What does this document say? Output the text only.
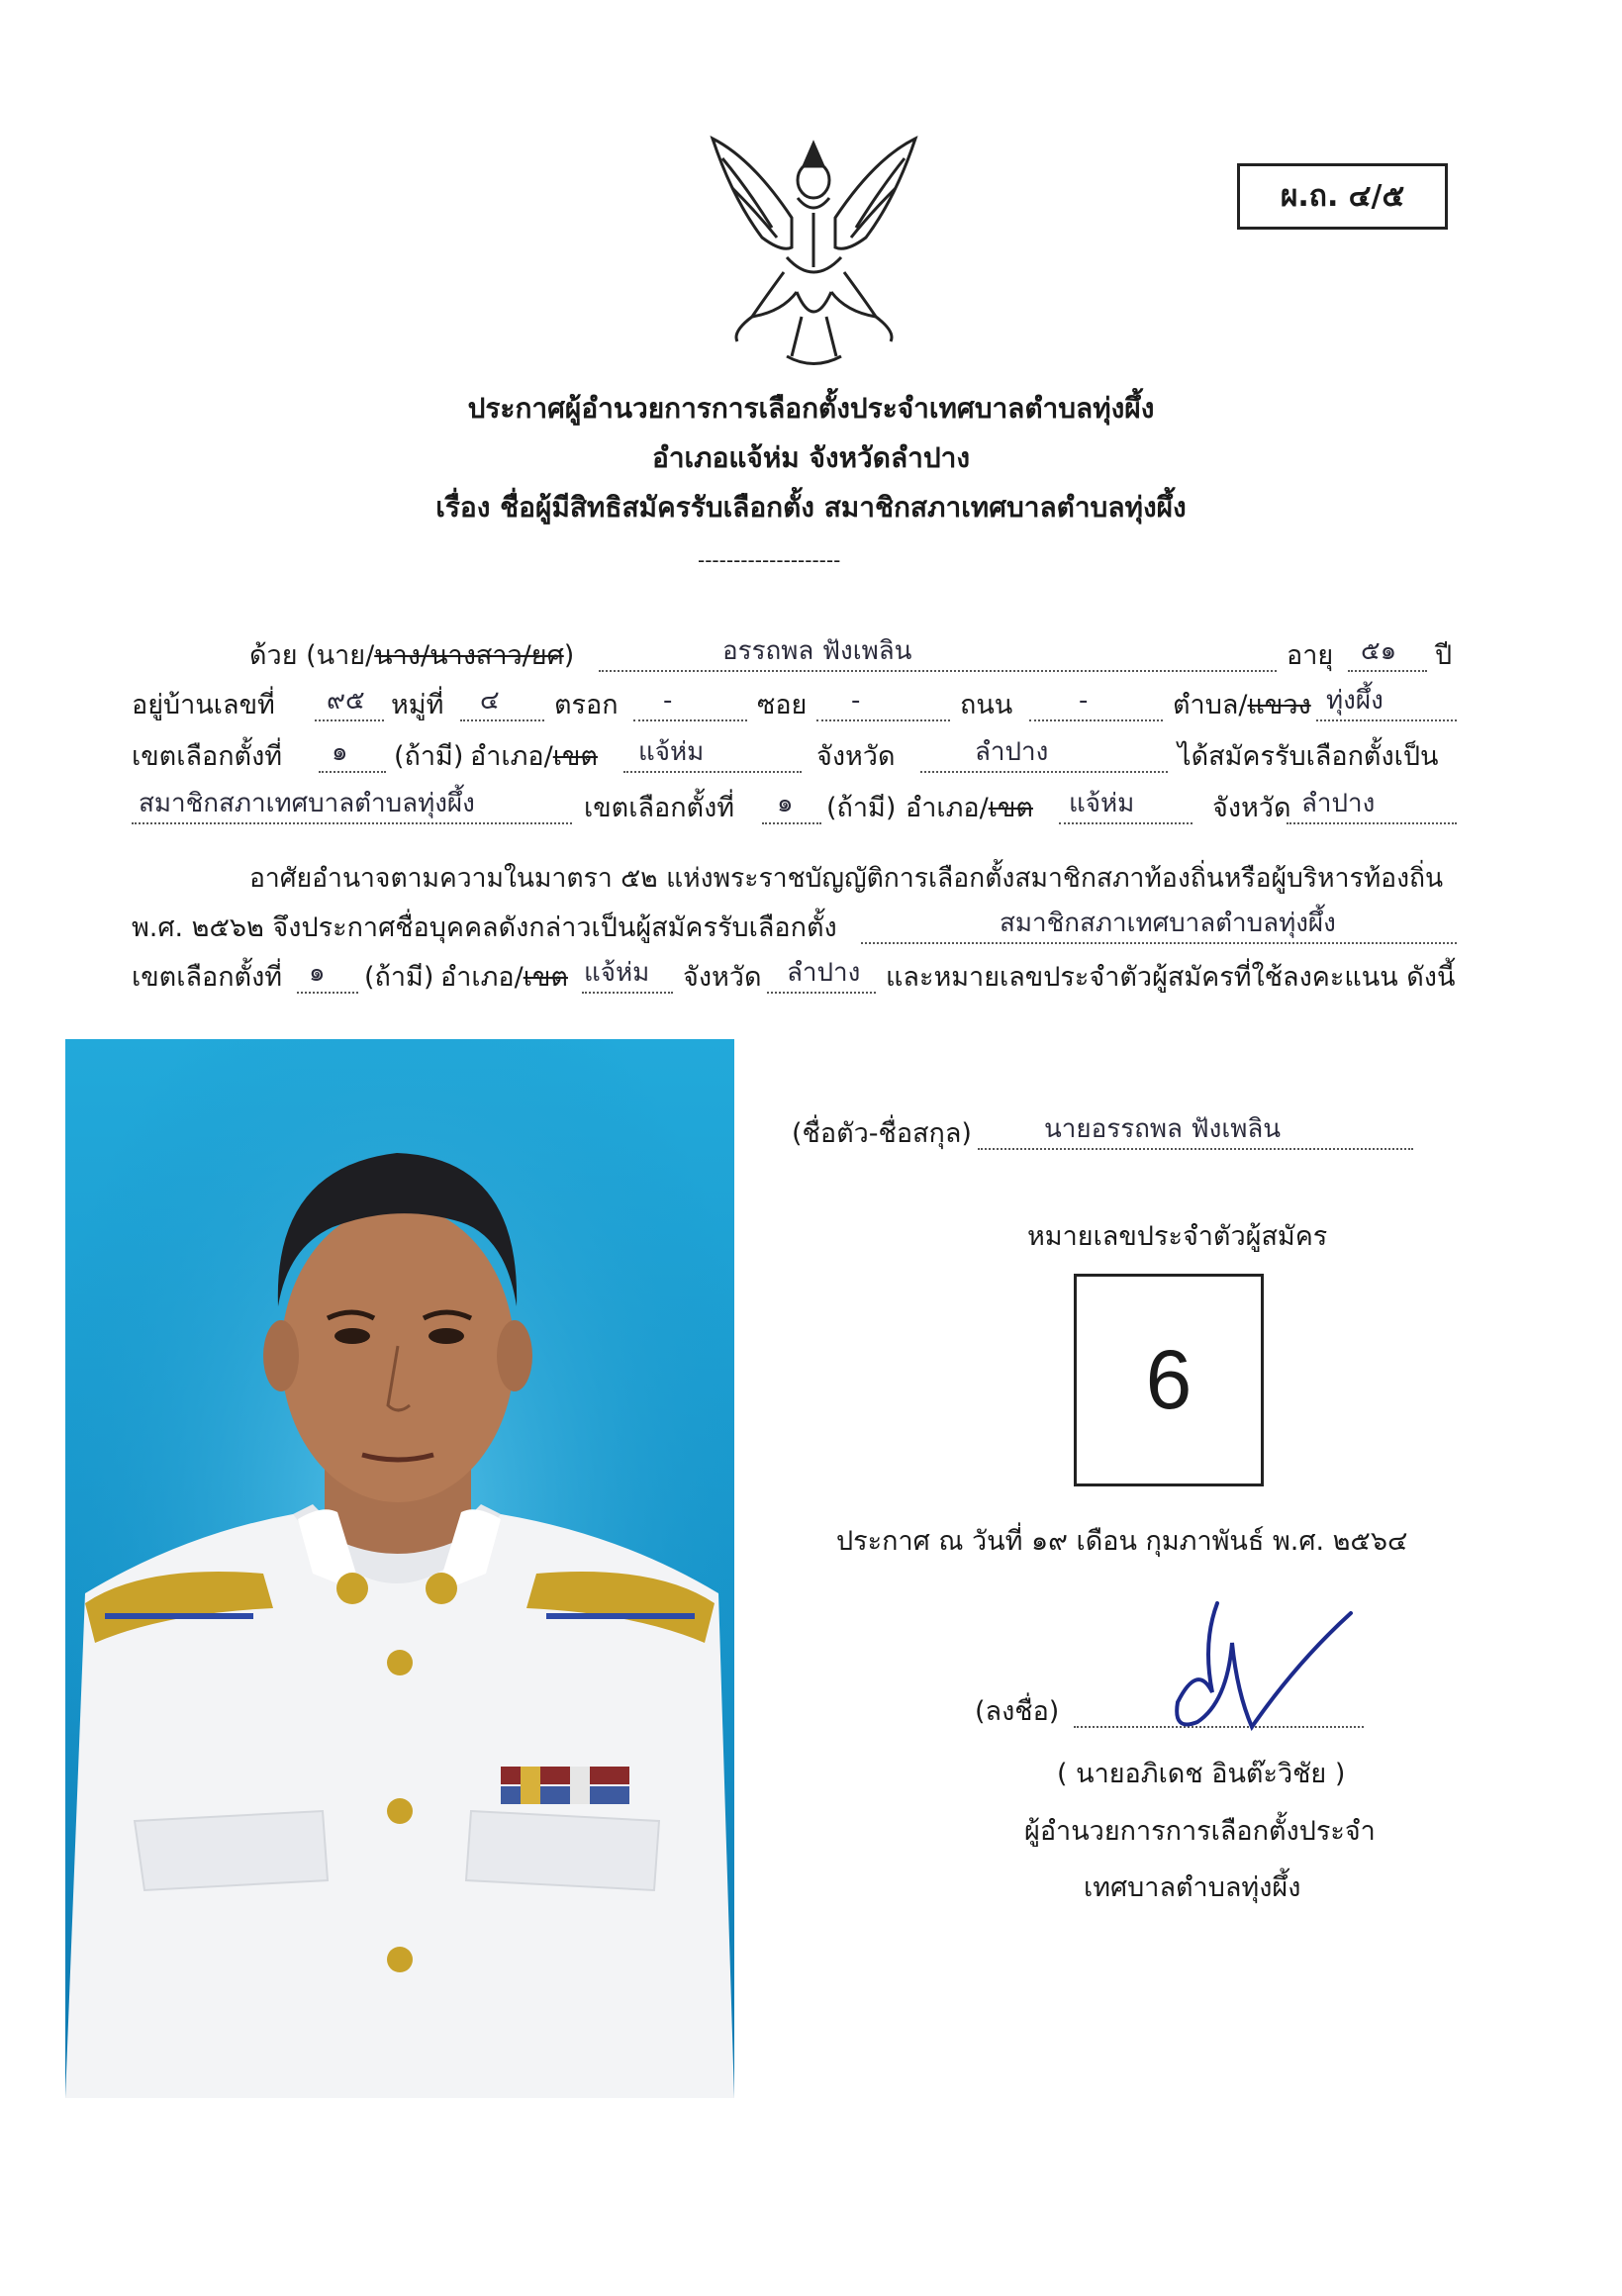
ผ.ถ. ๔/๕
ประกาศผู้อำนวยการการเลือกตั้งประจำเทศบาลตำบลทุ่งผึ้ง
อำเภอแจ้ห่ม จังหวัดลำปาง
เรื่อง ชื่อผู้มีสิทธิสมัครรับเลือกตั้ง สมาชิกสภาเทศบาลตำบลทุ่งผึ้ง
--------------------
ด้วย (นาย/นาง/นางสาว/ยศ)	อรรถพล ฟังเพลิน	อายุ ๕๑ ปี
อยู่บ้านเลขที่ ๙๕ หมู่ที่ ๔ ตรอก -	ซอย -	ถนน	-	ตำบล/แขวง ทุ่งผึ้ง
เขตเลือกตั้งที่ ๑ (ถ้ามี) อำเภอ/เขต แจ้ห่ม	จังหวัด	ลำปาง	ได้สมัครรับเลือกตั้งเป็น
สมาชิกสภาเทศบาลตำบลทุ่งผึ้ง	เขตเลือกตั้งที่ ๑ (ถ้ามี) อำเภอ/เขต แจ้ห่ม	จังหวัด ลำปาง
อาศัยอำนาจตามความในมาตรา ๕๒ แห่งพระราชบัญญัติการเลือกตั้งสมาชิกสภาท้องถิ่นหรือผู้บริหารท้องถิ่น
พ.ศ. ๒๕๖๒ จึงประกาศชื่อบุคคลดังกล่าวเป็นผู้สมัครรับเลือกตั้ง	สมาชิกสภาเทศบาลตำบลทุ่งผึ้ง
เขตเลือกตั้งที่ ๑ (ถ้ามี) อำเภอ/เขต แจ้ห่ม จังหวัด ลำปาง และหมายเลขประจำตัวผู้สมัครที่ใช้ลงคะแนน ดังนี้
(ชื่อตัว-ชื่อสกุล)	นายอรรถพล ฟังเพลิน
หมายเลขประจำตัวผู้สมัคร
6
ประกาศ ณ วันที่ ๑๙ เดือน กุมภาพันธ์ พ.ศ. ๒๕๖๔
(ลงชื่อ)
( นายอภิเดช อินต๊ะวิชัย )
ผู้อำนวยการการเลือกตั้งประจำ
เทศบาลตำบลทุ่งผึ้ง
